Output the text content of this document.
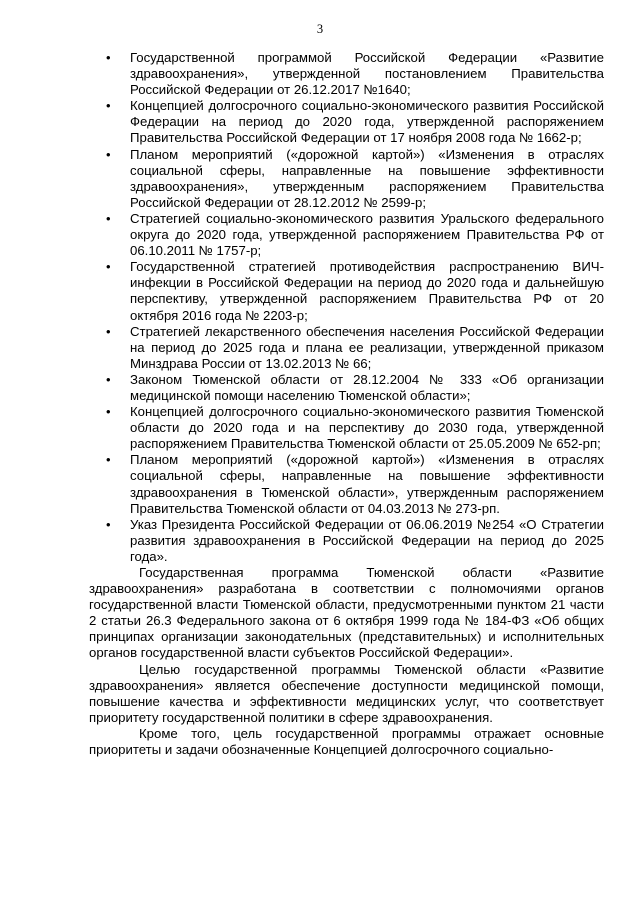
3
• Государственной программой Российской Федерации «Развитие здравоохранения», утвержденной постановлением Правительства Российской Федерации от 26.12.2017 №1640;
• Концепцией долгосрочного социально-экономического развития Российской Федерации на период до 2020 года, утвержденной распоряжением Правительства Российской Федерации от 17 ноября 2008 года № 1662-р;
• Планом мероприятий («дорожной картой») «Изменения в отраслях социальной сферы, направленные на повышение эффективности здравоохранения», утвержденным распоряжением Правительства Российской Федерации от 28.12.2012 № 2599-р;
• Стратегией социально-экономического развития Уральского федерального округа до 2020 года, утвержденной распоряжением Правительства РФ от 06.10.2011 № 1757-р;
• Государственной стратегией противодействия распространению ВИЧ-инфекции в Российской Федерации на период до 2020 года и дальнейшую перспективу, утвержденной распоряжением Правительства РФ от 20 октября 2016 года № 2203-р;
• Стратегией лекарственного обеспечения населения Российской Федерации на период до 2025 года и плана ее реализации, утвержденной приказом Минздрава России от 13.02.2013 № 66;
• Законом Тюменской области от 28.12.2004 № 333 «Об организации медицинской помощи населению Тюменской области»;
• Концепцией долгосрочного социально-экономического развития Тюменской области до 2020 года и на перспективу до 2030 года, утвержденной распоряжением Правительства Тюменской области от 25.05.2009 № 652-рп;
• Планом мероприятий («дорожной картой») «Изменения в отраслях социальной сферы, направленные на повышение эффективности здравоохранения в Тюменской области», утвержденным распоряжением Правительства Тюменской области от 04.03.2013 № 273-рп.
• Указ Президента Российской Федерации от 06.06.2019 №254 «О Стратегии развития здравоохранения в Российской Федерации на период до 2025 года».

Государственная программа Тюменской области «Развитие здравоохранения» разработана в соответствии с полномочиями органов государственной власти Тюменской области, предусмотренными пунктом 21 части 2 статьи 26.3 Федерального закона от 6 октября 1999 года № 184-ФЗ «Об общих принципах организации законодательных (представительных) и исполнительных органов государственной власти субъектов Российской Федерации».

Целью государственной программы Тюменской области «Развитие здравоохранения» является обеспечение доступности медицинской помощи, повышение качества и эффективности медицинских услуг, что соответствует приоритету государственной политики в сфере здравоохранения.

Кроме того, цель государственной программы отражает основные приоритеты и задачи обозначенные Концепцией долгосрочного социально-
